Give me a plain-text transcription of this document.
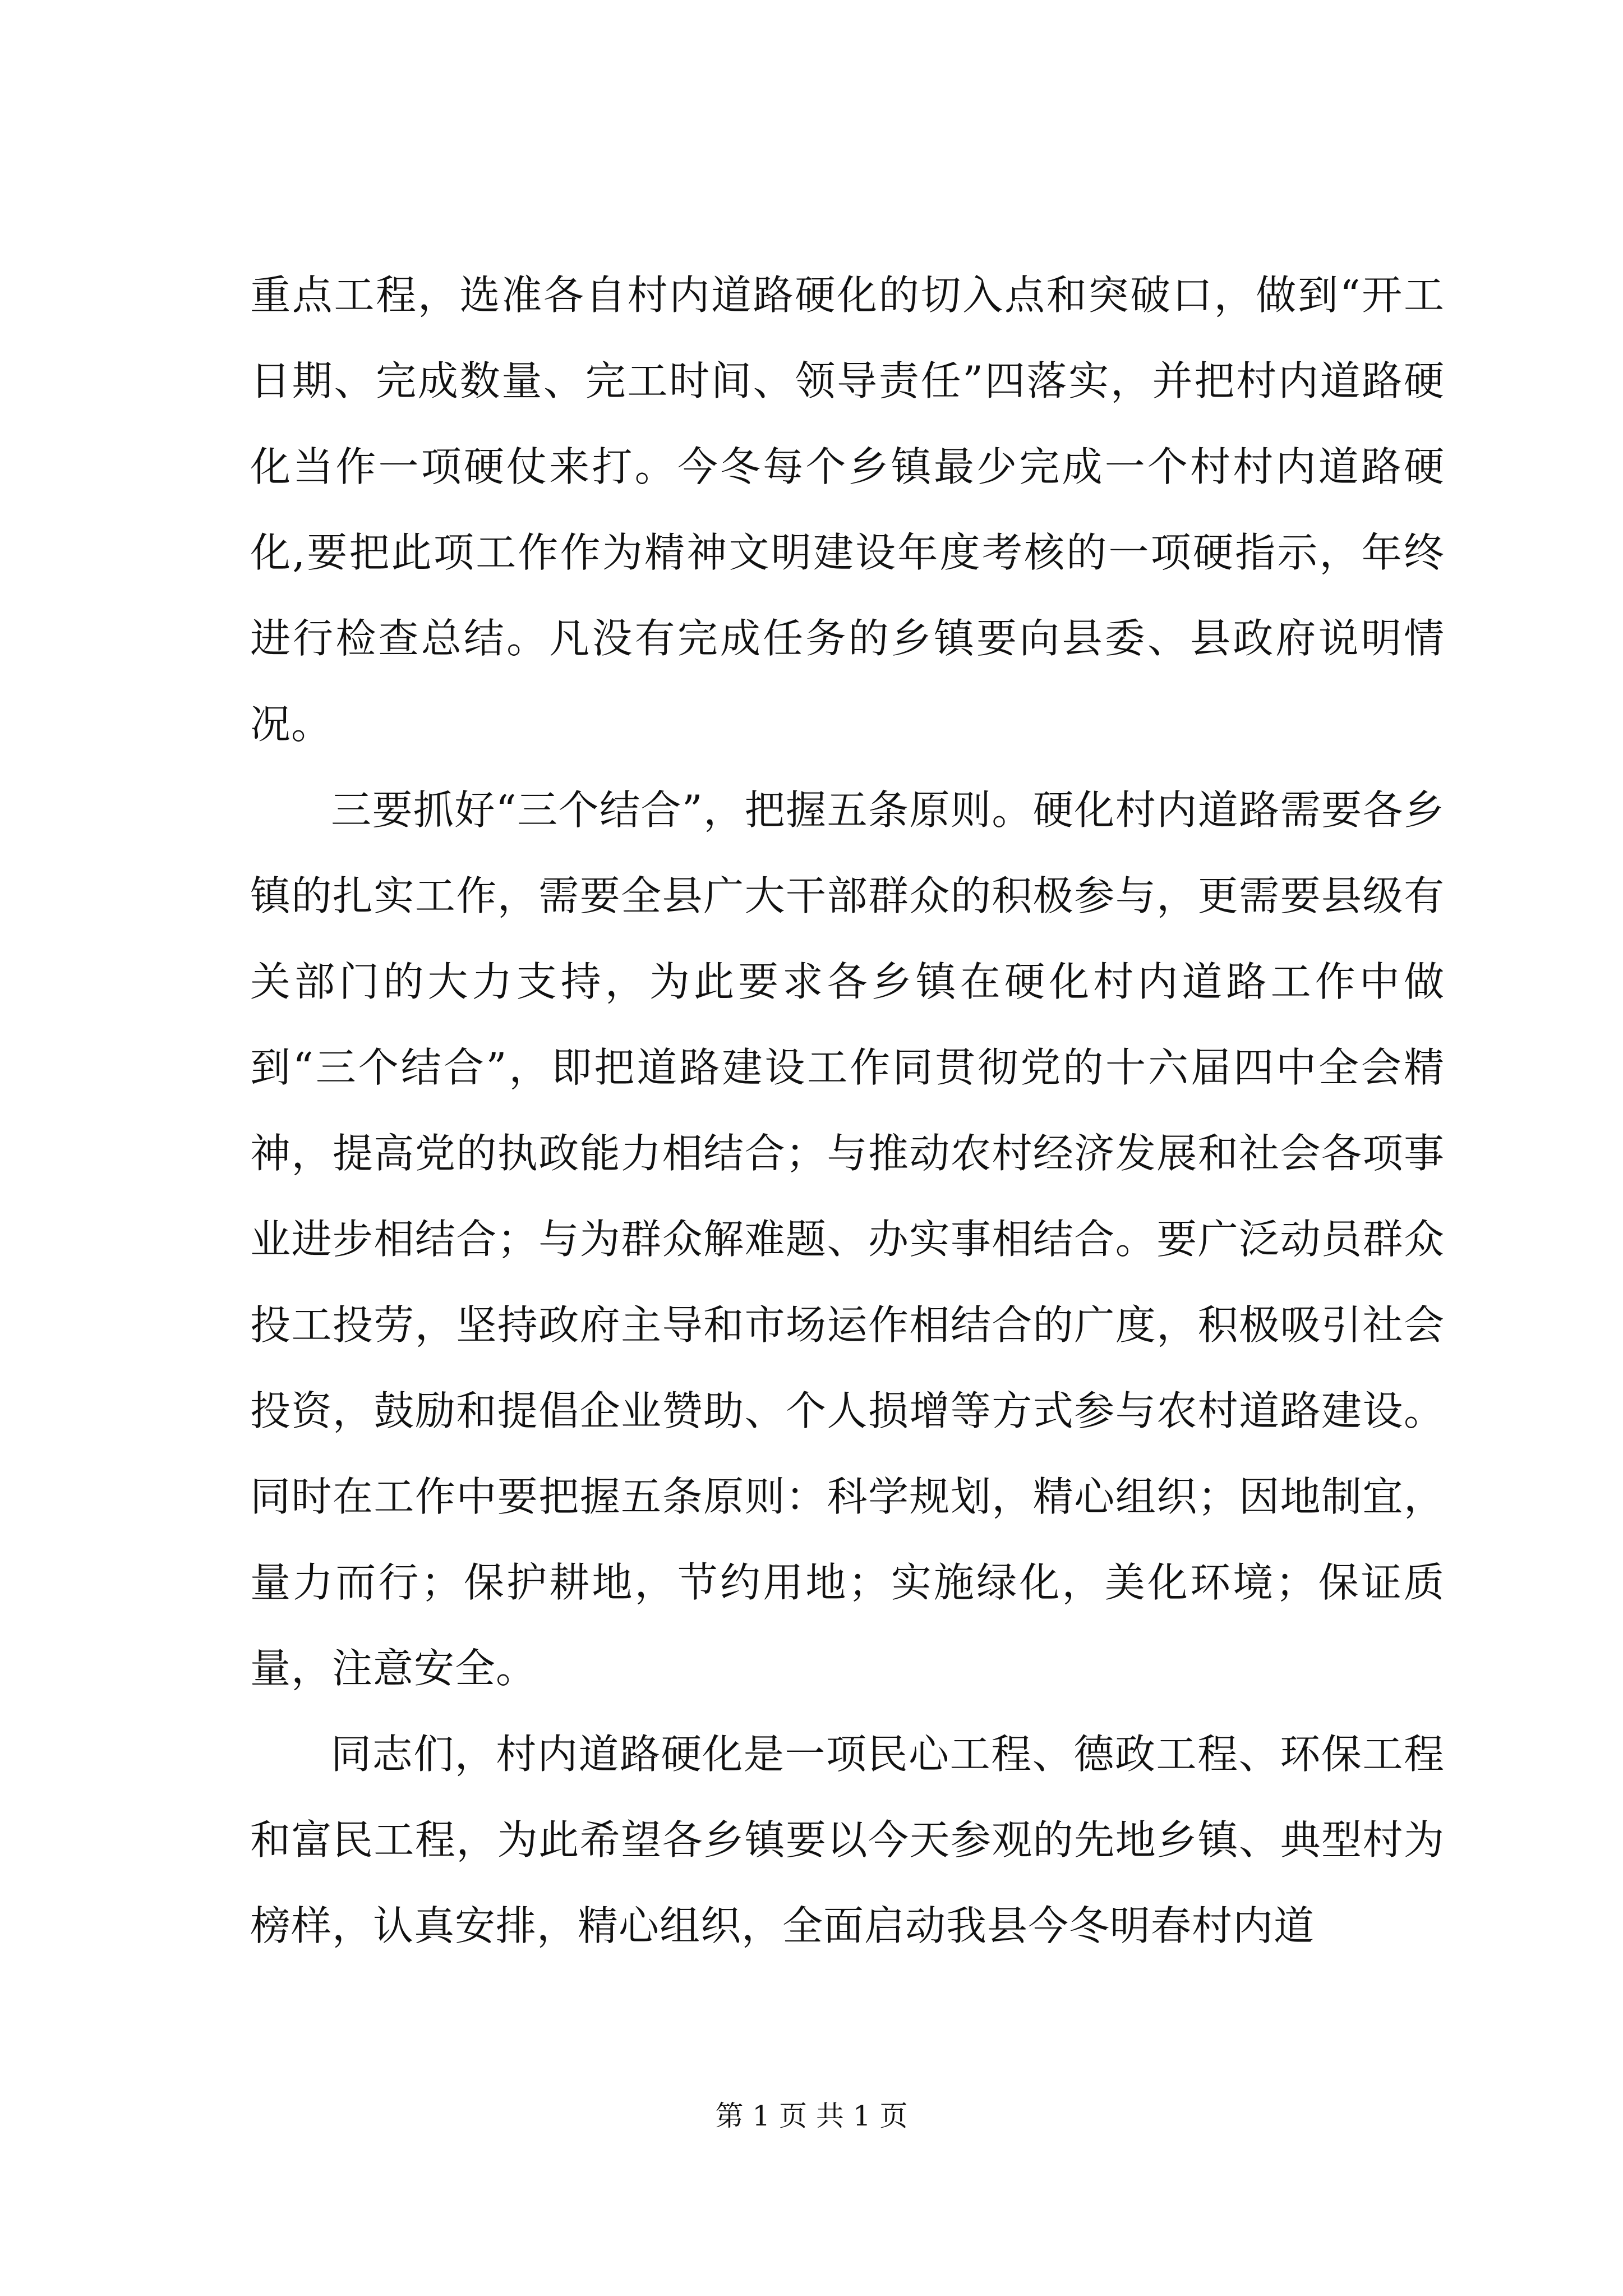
重点工程，选准各自村内道路硬化的切入点和突破口，做到“开工日期、完成数量、完工时间、领导责任”四落实，并把村内道路硬化当作一项硬仗来打。今冬每个乡镇最少完成一个村村内道路硬化,要把此项工作作为精神文明建设年度考核的一项硬指示，年终进行检查总结。凡没有完成任务的乡镇要向县委、县政府说明情况。

三要抓好“三个结合”，把握五条原则。硬化村内道路需要各乡镇的扎实工作，需要全县广大干部群众的积极参与，更需要县级有关部门的大力支持，为此要求各乡镇在硬化村内道路工作中做到“三个结合”，即把道路建设工作同贯彻党的十六届四中全会精神，提高党的执政能力相结合；与推动农村经济发展和社会各项事业进步相结合；与为群众解难题、办实事相结合。要广泛动员群众投工投劳，坚持政府主导和市场运作相结合的广度，积极吸引社会投资，鼓励和提倡企业赞助、个人损增等方式参与农村道路建设。同时在工作中要把握五条原则：科学规划，精心组织；因地制宜，量力而行；保护耕地，节约用地；实施绿化，美化环境；保证质量，注意安全。

同志们，村内道路硬化是一项民心工程、德政工程、环保工程和富民工程，为此希望各乡镇要以今天参观的先地乡镇、典型村为榜样，认真安排，精心组织，全面启动我县今冬明春村内道

第 1 页 共 1 页
